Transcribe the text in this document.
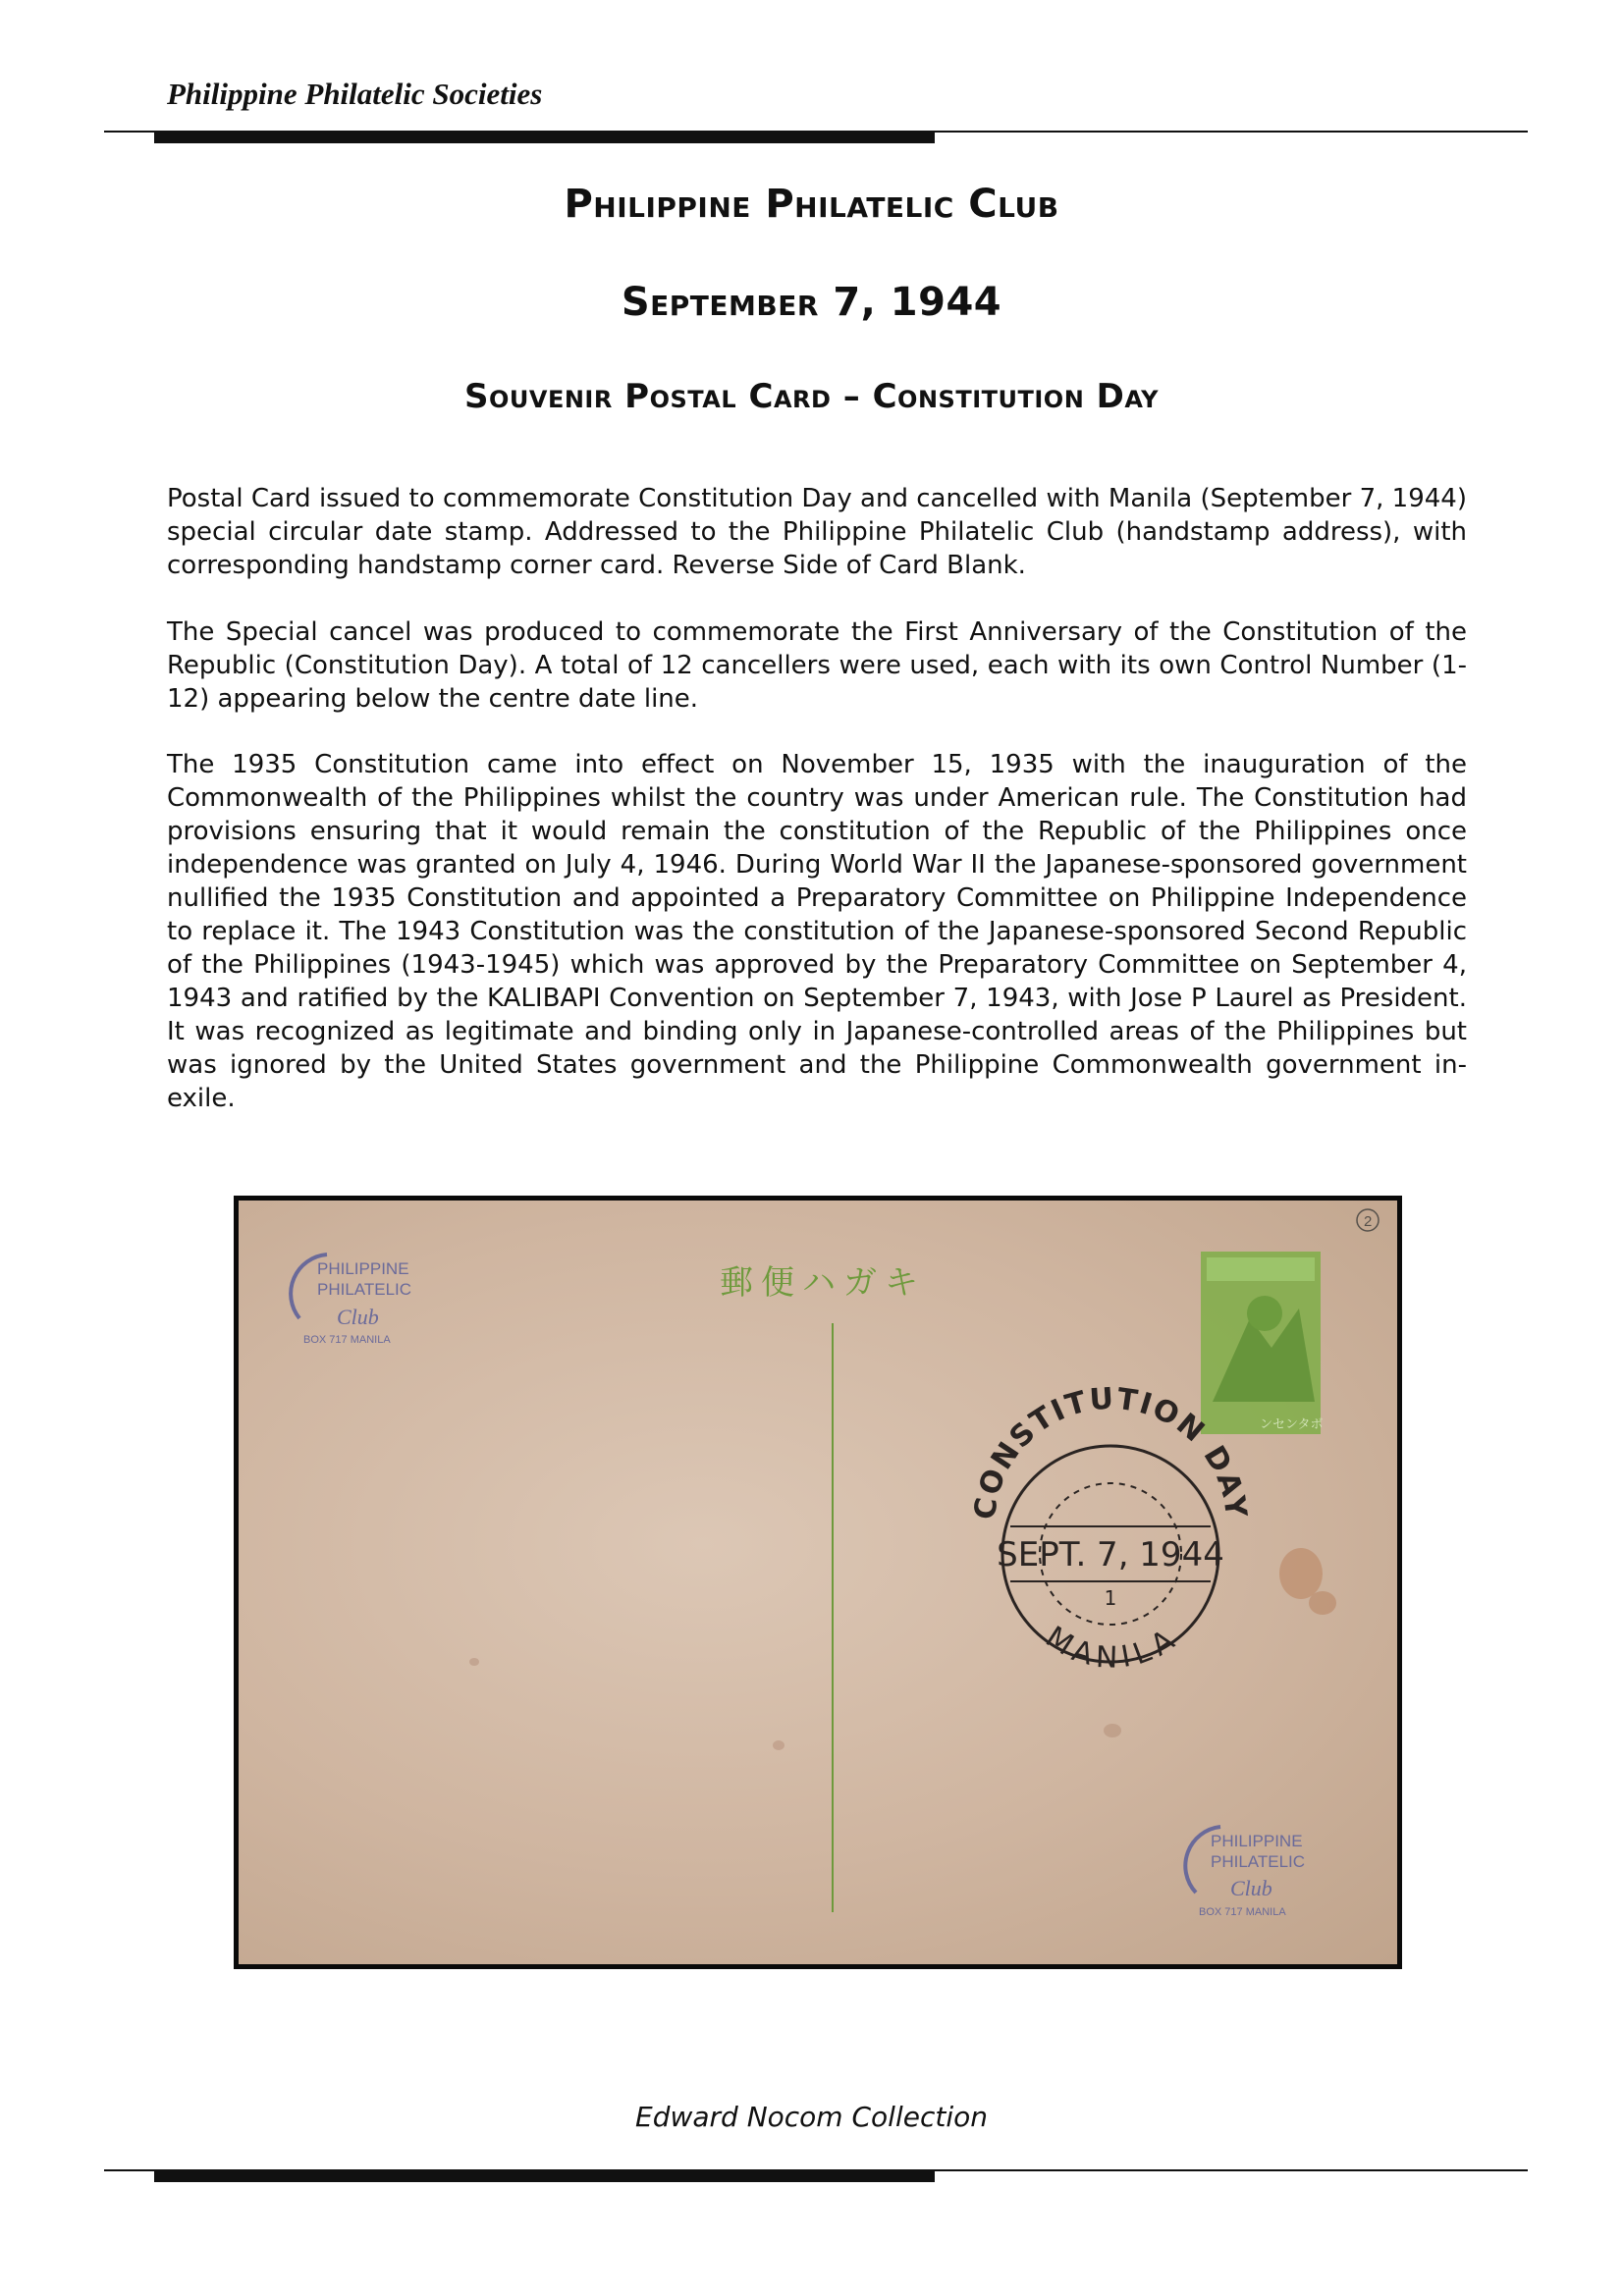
Philippine Philatelic Societies
Philippine Philatelic Club
September 7, 1944
Souvenir Postal Card – Constitution Day

Postal Card issued to commemorate Constitution Day and cancelled with Manila (September 7, 1944) special circular date stamp. Addressed to the Philippine Philatelic Club (handstamp address), with corresponding handstamp corner card. Reverse Side of Card Blank.

The Special cancel was produced to commemorate the First Anniversary of the Constitution of the Republic (Constitution Day). A total of 12 cancellers were used, each with its own Control Number (1-12) appearing below the centre date line.

The 1935 Constitution came into effect on November 15, 1935 with the inauguration of the Commonwealth of the Philippines whilst the country was under American rule. The Constitution had provisions ensuring that it would remain the constitution of the Republic of the Philippines once independence was granted on July 4, 1946. During World War II the Japanese-sponsored government nullified the 1935 Constitution and appointed a Preparatory Committee on Philippine Independence to replace it. The 1943 Constitution was the constitution of the Japanese-sponsored Second Republic of the Philippines (1943-1945) which was approved by the Preparatory Committee on September 4, 1943 and ratified by the KALIBAPI Convention on September 7, 1943, with Jose P Laurel as President. It was recognized as legitimate and binding only in Japanese-controlled areas of the Philippines but was ignored by the United States government and the Philippine Commonwealth government in-exile.

PHILIPPINE
PHILATELIC
Club
BOX 717 MANILA
郵便ハガキ
ンセンタボ
CONSTITUTION DAY
SEPT. 7, 1944
1
MANILA
2
PHILIPPINE
PHILATELIC
Club
BOX 717 MANILA
Edward Nocom Collection
